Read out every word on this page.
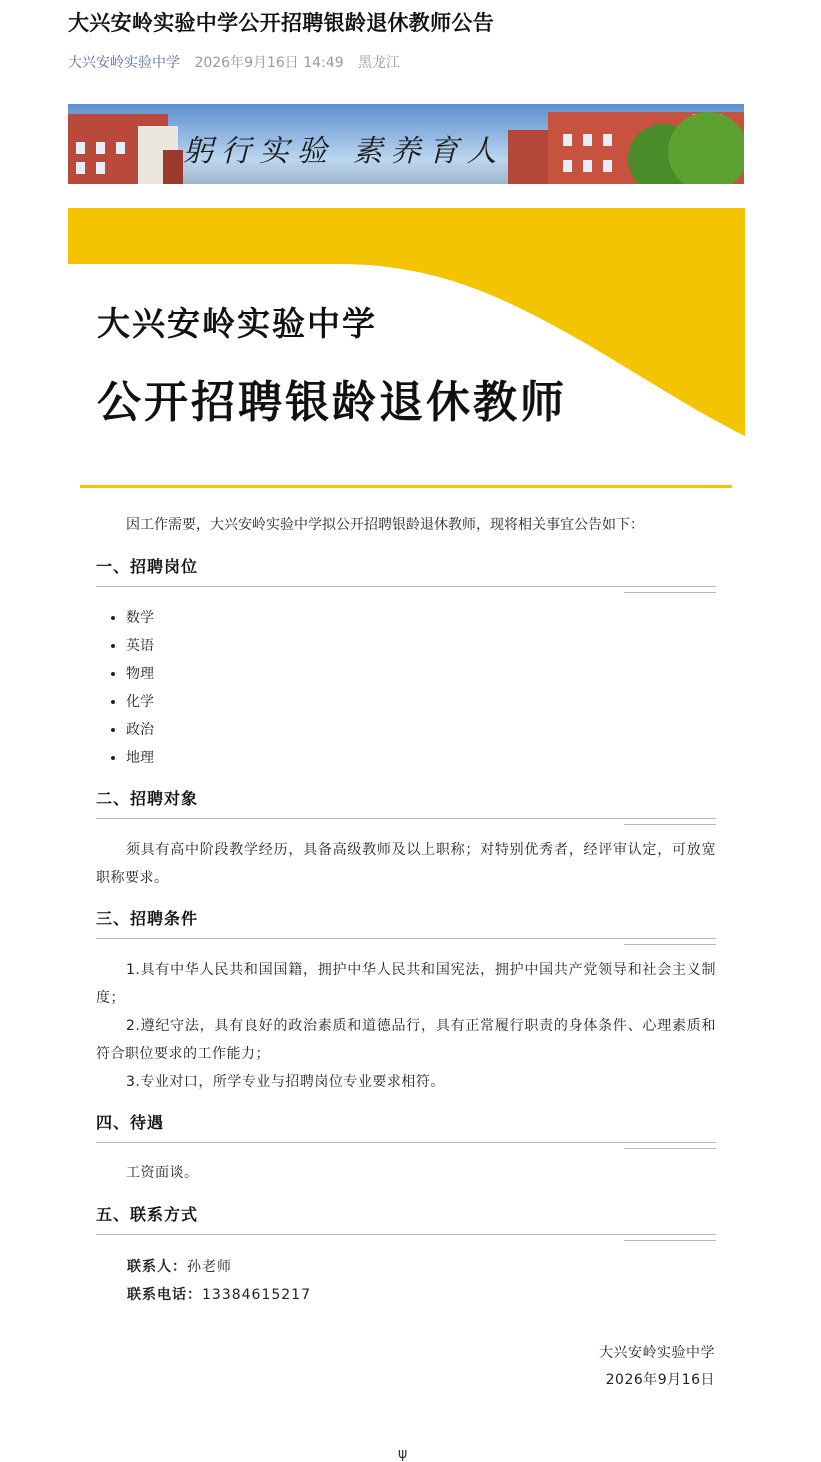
大兴安岭实验中学公开招聘银龄退休教师公告
大兴安岭实验中学 2026年9月16日 14:49 黑龙江
躬行实验 素养育人
大兴安岭实验中学
公开招聘银龄退休教师
因工作需要，大兴安岭实验中学拟公开招聘银龄退休教师，现将相关事宜公告如下：
一、招聘岗位
• 数学
• 英语
• 物理
• 化学
• 政治
• 地理
二、招聘对象
须具有高中阶段教学经历，具备高级教师及以上职称；对特别优秀者，经评审认定，可放宽职称要求。
三、招聘条件
1.具有中华人民共和国国籍，拥护中华人民共和国宪法，拥护中国共产党领导和社会主义制度；
2.遵纪守法，具有良好的政治素质和道德品行，具有正常履行职责的身体条件、心理素质和符合职位要求的工作能力；
3.专业对口，所学专业与招聘岗位专业要求相符。
四、待遇
工资面谈。
五、联系方式
联系人：孙老师
联系电话：13384615217
大兴安岭实验中学
2026年9月16日
ψ
